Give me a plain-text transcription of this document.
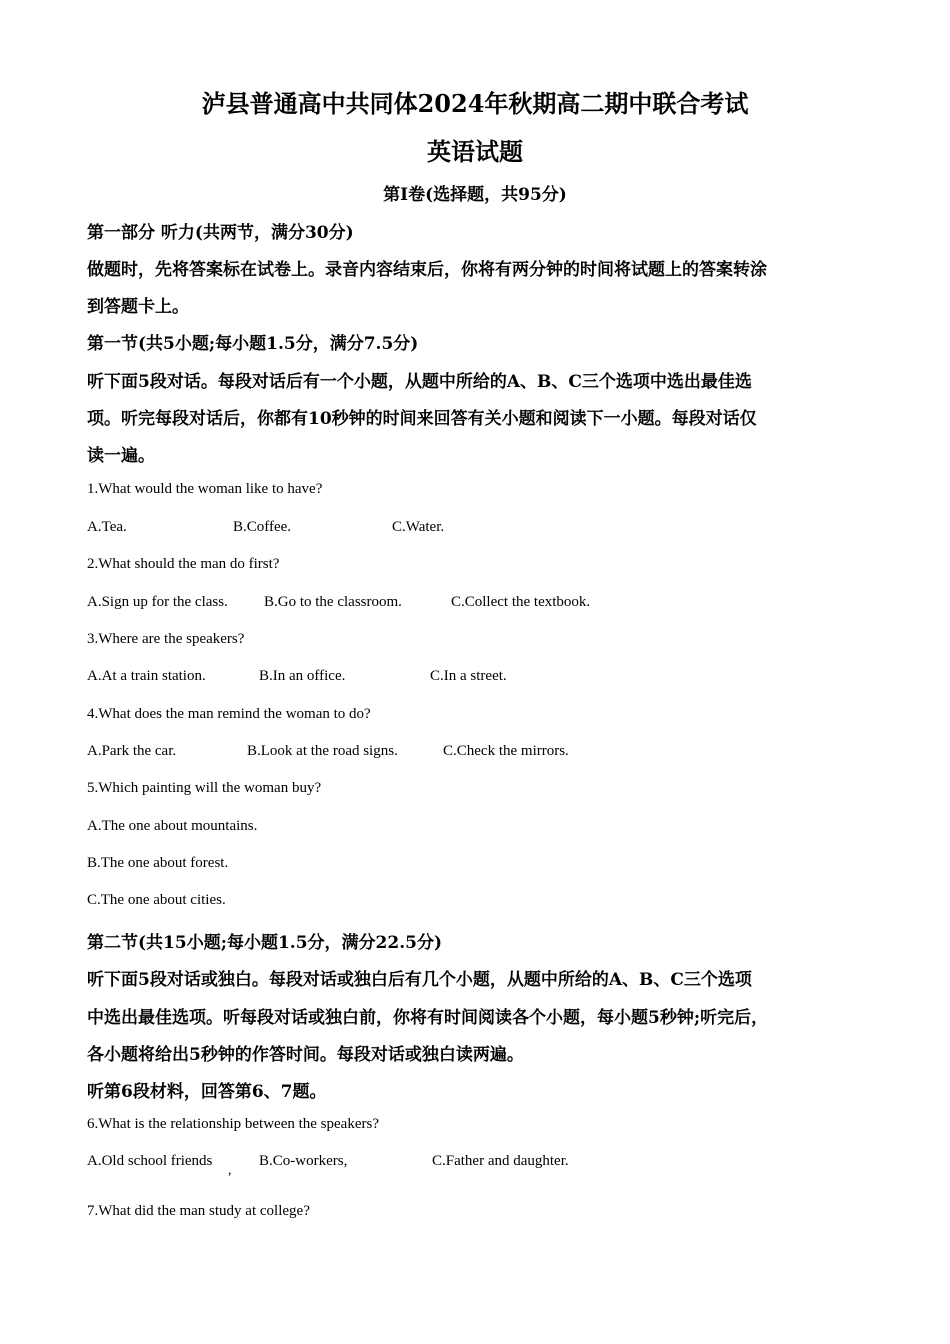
泸县普通高中共同体2024年秋期高二期中联合考试
英语试题
第I卷(选择题，共95分)
第一部分 听力(共两节，满分30分)
做题时，先将答案标在试卷上。录音内容结束后，你将有两分钟的时间将试题上的答案转涂
到答题卡上。
第一节(共5小题;每小题1.5分，满分7.5分)
听下面5段对话。每段对话后有一个小题，从题中所给的A、B、C三个选项中选出最佳选
项。听完每段对话后，你都有10秒钟的时间来回答有关小题和阅读下一小题。每段对话仅
读一遍。
1.What would the woman like to have?
A.Tea.	B.Coffee.	C.Water.
2.What should the man do first?
A.Sign up for the class. B.Go to the classroom.	C.Collect the textbook.
3.Where are the speakers?
A.At a train station.	B.In an office.	C.In a street.
4.What does the man remind the woman to do?
A.Park the car.	B.Look at the road signs.	C.Check the mirrors.
5.Which painting will the woman buy?
A.The one about mountains.
B.The one about forest.
C.The one about cities.
第二节(共15小题;每小题1.5分，满分22.5分)
听下面5段对话或独白。每段对话或独白后有几个小题，从题中所给的A、B、C三个选项
中选出最佳选项。听每段对话或独白前，你将有时间阅读各个小题，每小题5秒钟;听完后，
各小题将给出5秒钟的作答时间。每段对话或独白读两遍。
听第6段材料，回答第6、7题。
6.What is the relationship between the speakers?
A.Old school friends
,
B.Co-workers,	C.Father and daughter.
7.What did the man study at college?
